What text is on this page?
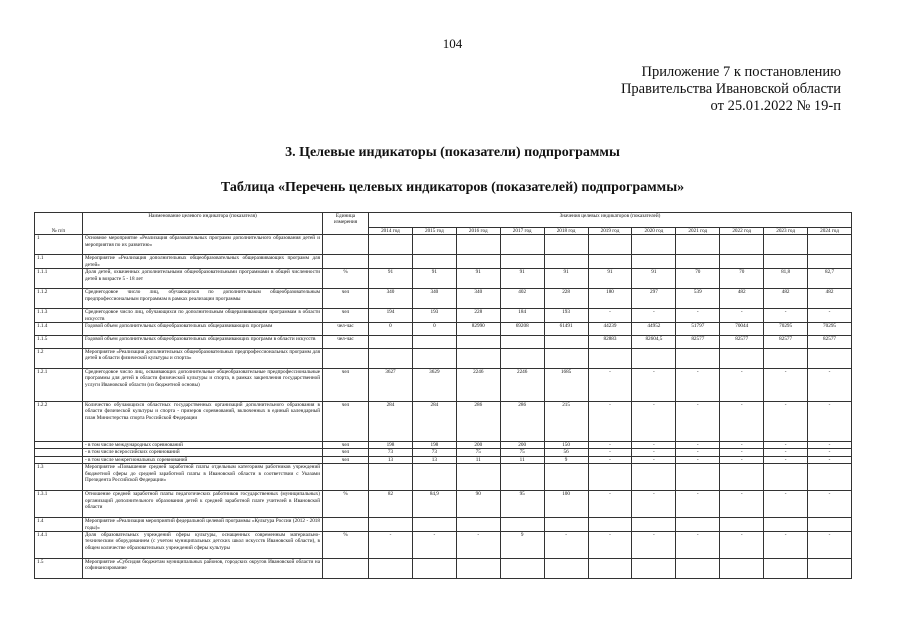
104
Приложение 7 к постановлению
Правительства Ивановской области
от 25.01.2022 № 19-п
3. Целевые индикаторы (показатели) подпрограммы
Таблица «Перечень целевых индикаторов (показателей) подпрограммы»
№ п/п	Наименование целевого индикатора (показателя)	Единица измерения	Значения целевых индикаторов (показателей)										
			2014 год	2015 год	2016 год	2017 год	2018 год	2019 год	2020 год	2021 год	2022 год	2023 год	2024 год
1	Основное мероприятие «Реализация образовательных программ дополнительного образования детей и мероприятия по их развитию»												
1.1	Мероприятие «Реализация дополнительных общеобразовательных общеразвивающих программ для детей»												
1.1.1	Доля детей, охваченных дополнительными общеобразовательными программами в общей численности детей в возрасте 5 - 18 лет	%	91	91	91	91	91	91	91	70	70	81,8	82,7
1.1.2	Среднегодовое число лиц, обучающихся по дополнительным общеобразовательным предпрофессиональным программам в рамках реализации программы	чел	340	340	340	402	228	180	297	539	482	482	482
1.1.3	Среднегодовое число лиц, обучающихся по дополнительным общеразвивающим программам в области искусств	чел	194	193	228	184	193	-	-	-	-	-	-
1.1.4	Годовой объем дополнительных общеобразовательных общеразвивающих программ	чел-час	0	0	82990	69208	61491	44239	44952	51797	70044	70295	70295
1.1.5	Годовой объем дополнительных общеобразовательных общеразвивающих программ в области искусств	чел-час						82883	82604,5	82577	82577	82577	82577
1.2	Мероприятие «Реализация дополнительных общеобразовательных предпрофессиональных программ для детей в области физической культуры и спорта»												
1.2.1	Среднегодовое число лиц, осваивающих дополнительные общеобразовательные предпрофессиональные программы для детей в области физической культуры и спорта, в рамках закрепления государственной услуги Ивановской области (из бюджетной основы)	чел	3627	3629	2246	2246	1685	-	-	-	-	-	-
1.2.2	Количество обучающихся областных государственных организаций дополнительного образования в области физической культуры и спорта - призеров соревнований, включенных в единый календарный план Министерства спорта Российской Федерации	чел	284	284	286	286	215	-	-	-	-	-	-
	- в том числе международных соревнований	чел	198	198	200	200	150	-	-	-	-	-	-
	- в том числе всероссийских соревнований	чел	73	73	75	75	56	-	-	-	-	-	-
	- в том числе межрегиональных соревнований	чел	13	13	11	11	9	-	-	-	-	-	-
1.3	Мероприятие «Повышение средней заработной платы отдельным категориям работников учреждений бюджетной сферы до средней заработной платы в Ивановской области в соответствии с Указами Президента Российской Федерации»												
1.3.1	Отношение средней заработной платы педагогических работников государственных (муниципальных) организаций дополнительного образования детей к средней заработной плате учителей в Ивановской области	%	82	84,9	90	95	100	-	-	-	-	-	-
1.4	Мероприятие «Реализация мероприятий федеральной целевой программы «Культура России (2012 - 2018 годы)»												
1.4.1	Доля образовательных учреждений сферы культуры, оснащенных современным материально-техническим оборудованием (с учетом муниципальных детских школ искусств Ивановской области), в общем количестве образовательных учреждений сферы культуры	%	-	-	-	9	-	-	-	-	-	-	-
1.5	Мероприятие «Субсидия бюджетам муниципальных районов, городских округов Ивановской области на софинансирование												
